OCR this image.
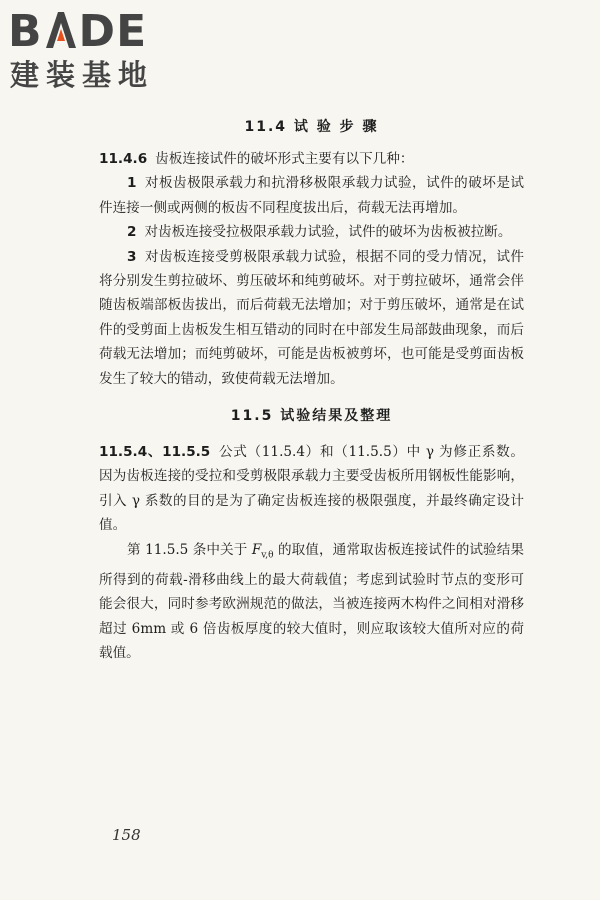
B DE
建装基地
11.4 试 验 步 骤

11.4.6 齿板连接试件的破坏形式主要有以下几种：

1 对板齿极限承载力和抗滑移极限承载力试验，试件的破坏是试件连接一侧或两侧的板齿不同程度拔出后，荷载无法再增加。

2 对齿板连接受拉极限承载力试验，试件的破坏为齿板被拉断。

3 对齿板连接受剪极限承载力试验，根据不同的受力情况，试件将分别发生剪拉破坏、剪压破坏和纯剪破坏。对于剪拉破坏，通常会伴随齿板端部板齿拔出，而后荷载无法增加；对于剪压破坏，通常是在试件的受剪面上齿板发生相互错动的同时在中部发生局部鼓曲现象，而后荷载无法增加；而纯剪破坏，可能是齿板被剪坏，也可能是受剪面齿板发生了较大的错动，致使荷载无法增加。

11.5 试验结果及整理

11.5.4、11.5.5 公式（11.5.4）和（11.5.5）中 γ 为修正系数。因为齿板连接的受拉和受剪极限承载力主要受齿板所用钢板性能影响，引入 γ 系数的目的是为了确定齿板连接的极限强度，并最终确定设计值。

第 11.5.5 条中关于 $F_{v,\theta}$ 的取值，通常取齿板连接试件的试验结果所得到的荷载-滑移曲线上的最大荷载值；考虑到试验时节点的变形可能会很大，同时参考欧洲规范的做法，当被连接两木构件之间相对滑移超过 6mm 或 6 倍齿板厚度的较大值时，则应取该较大值所对应的荷载值。

158
